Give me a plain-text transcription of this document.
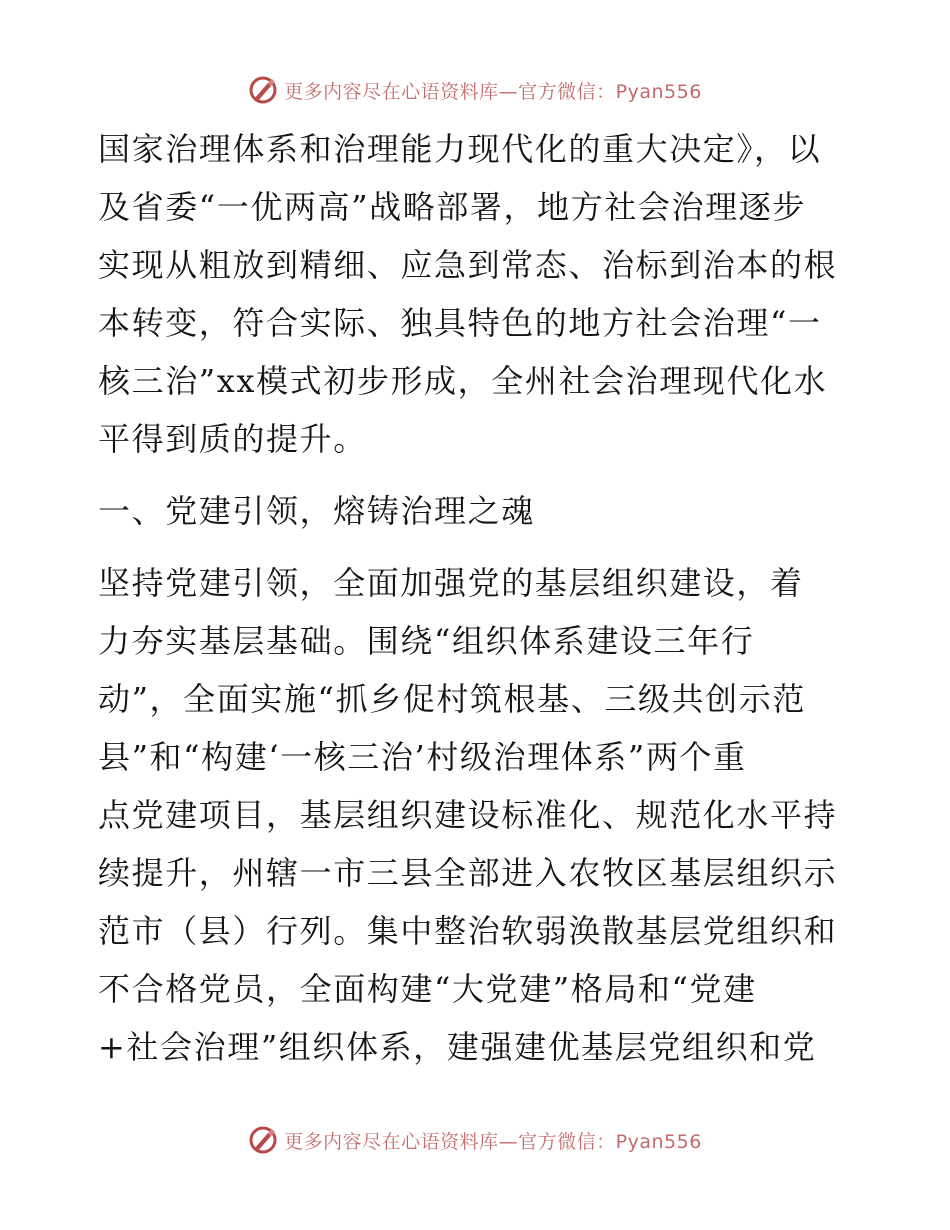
更多内容尽在心语资料库—官方微信：Pyan556
国家治理体系和治理能力现代化的重大决定》，以
及省委“一优两高”战略部署，地方社会治理逐步
实现从粗放到精细、应急到常态、治标到治本的根
本转变，符合实际、独具特色的地方社会治理“一
核三治”xx模式初步形成，全州社会治理现代化水
平得到质的提升。
一、党建引领，熔铸治理之魂
坚持党建引领，全面加强党的基层组织建设，着
力夯实基层基础。围绕“组织体系建设三年行
动”，全面实施“抓乡促村筑根基、三级共创示范
县”和“构建‘一核三治’村级治理体系”两个重
点党建项目，基层组织建设标准化、规范化水平持
续提升，州辖一市三县全部进入农牧区基层组织示
范市（县）行列。集中整治软弱涣散基层党组织和
不合格党员，全面构建“大党建”格局和“党建
+社会治理”组织体系，建强建优基层党组织和党
更多内容尽在心语资料库—官方微信：Pyan556
